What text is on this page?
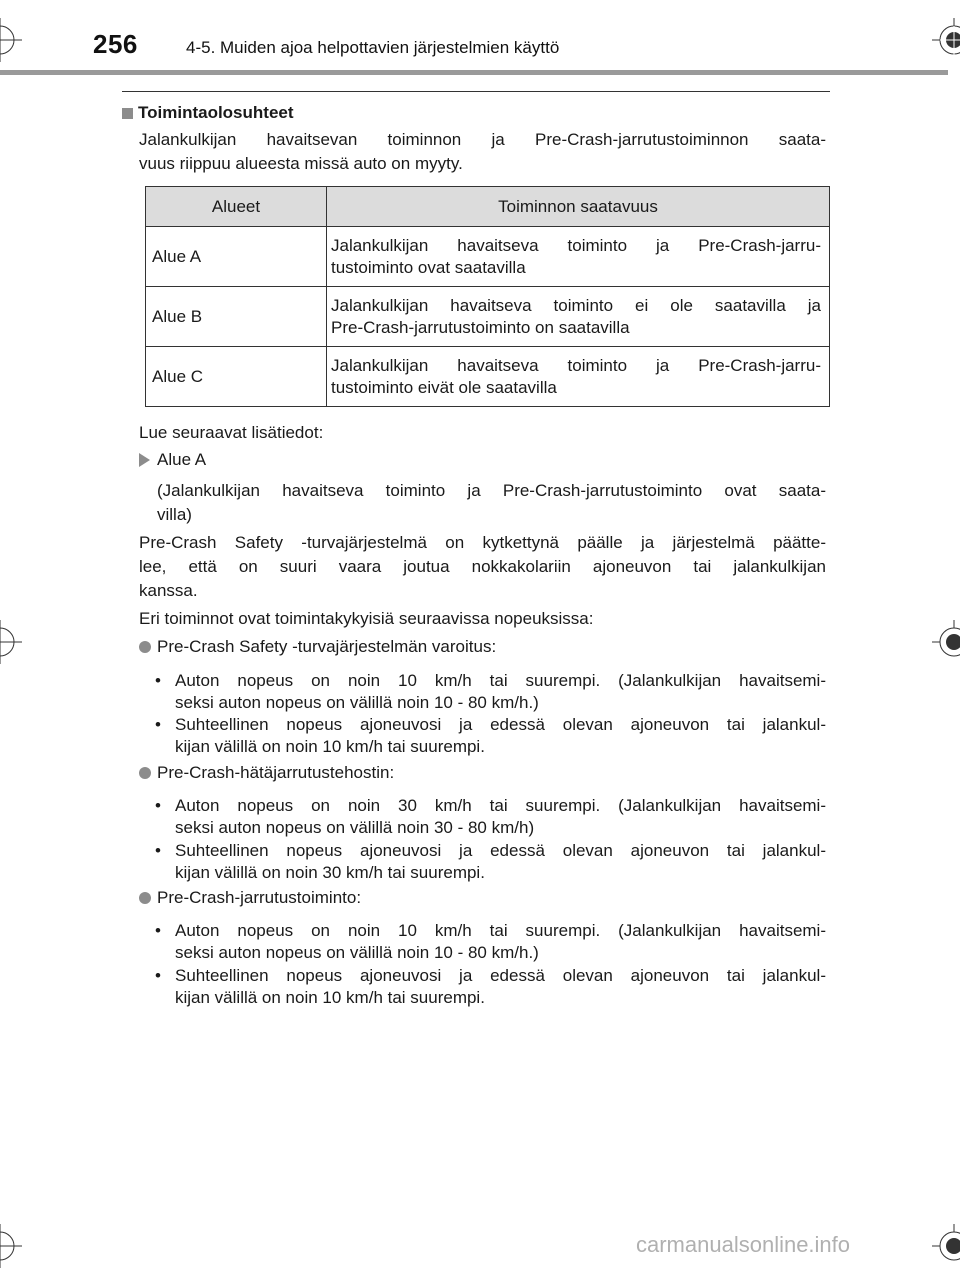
256	4-5. Muiden ajoa helpottavien järjestelmien käyttö
Toimintaolosuhteet
Jalankulkijan havaitsevan toiminnon ja Pre-Crash-jarrutustoiminnon saata-
vuus riippuu alueesta missä auto on myyty.
Alueet	Toiminnon saatavuus
Alue A	Jalankulkijan havaitseva toiminto ja Pre-Crash-jarru-
tustoiminto ovat saatavilla

Alue B	Jalankulkijan havaitseva toiminto ei ole saatavilla ja
Pre-Crash-jarrutustoiminto on saatavilla

Alue C	Jalankulkijan havaitseva toiminto ja Pre-Crash-jarru-
tustoiminto eivät ole saatavilla
Lue seuraavat lisätiedot:
Alue A
(Jalankulkijan havaitseva toiminto ja Pre-Crash-jarrutustoiminto ovat saata-
villa)
Pre-Crash Safety -turvajärjestelmä on kytkettynä päälle ja järjestelmä päätte-
lee, että on suuri vaara joutua nokkakolariin ajoneuvon tai jalankulkijan
kanssa.
Eri toiminnot ovat toimintakykyisiä seuraavissa nopeuksissa:
Pre-Crash Safety -turvajärjestelmän varoitus:
• Auton nopeus on noin 10 km/h tai suurempi. (Jalankulkijan havaitsemi-
seksi auton nopeus on välillä noin 10 - 80 km/h.)
• Suhteellinen nopeus ajoneuvosi ja edessä olevan ajoneuvon tai jalankul-
kijan välillä on noin 10 km/h tai suurempi.
Pre-Crash-hätäjarrutustehostin:
• Auton nopeus on noin 30 km/h tai suurempi. (Jalankulkijan havaitsemi-
seksi auton nopeus on välillä noin 30 - 80 km/h)
• Suhteellinen nopeus ajoneuvosi ja edessä olevan ajoneuvon tai jalankul-
kijan välillä on noin 30 km/h tai suurempi.
Pre-Crash-jarrutustoiminto:
• Auton nopeus on noin 10 km/h tai suurempi. (Jalankulkijan havaitsemi-
seksi auton nopeus on välillä noin 10 - 80 km/h.)
• Suhteellinen nopeus ajoneuvosi ja edessä olevan ajoneuvon tai jalankul-
kijan välillä on noin 10 km/h tai suurempi.
carmanualsonline.info
